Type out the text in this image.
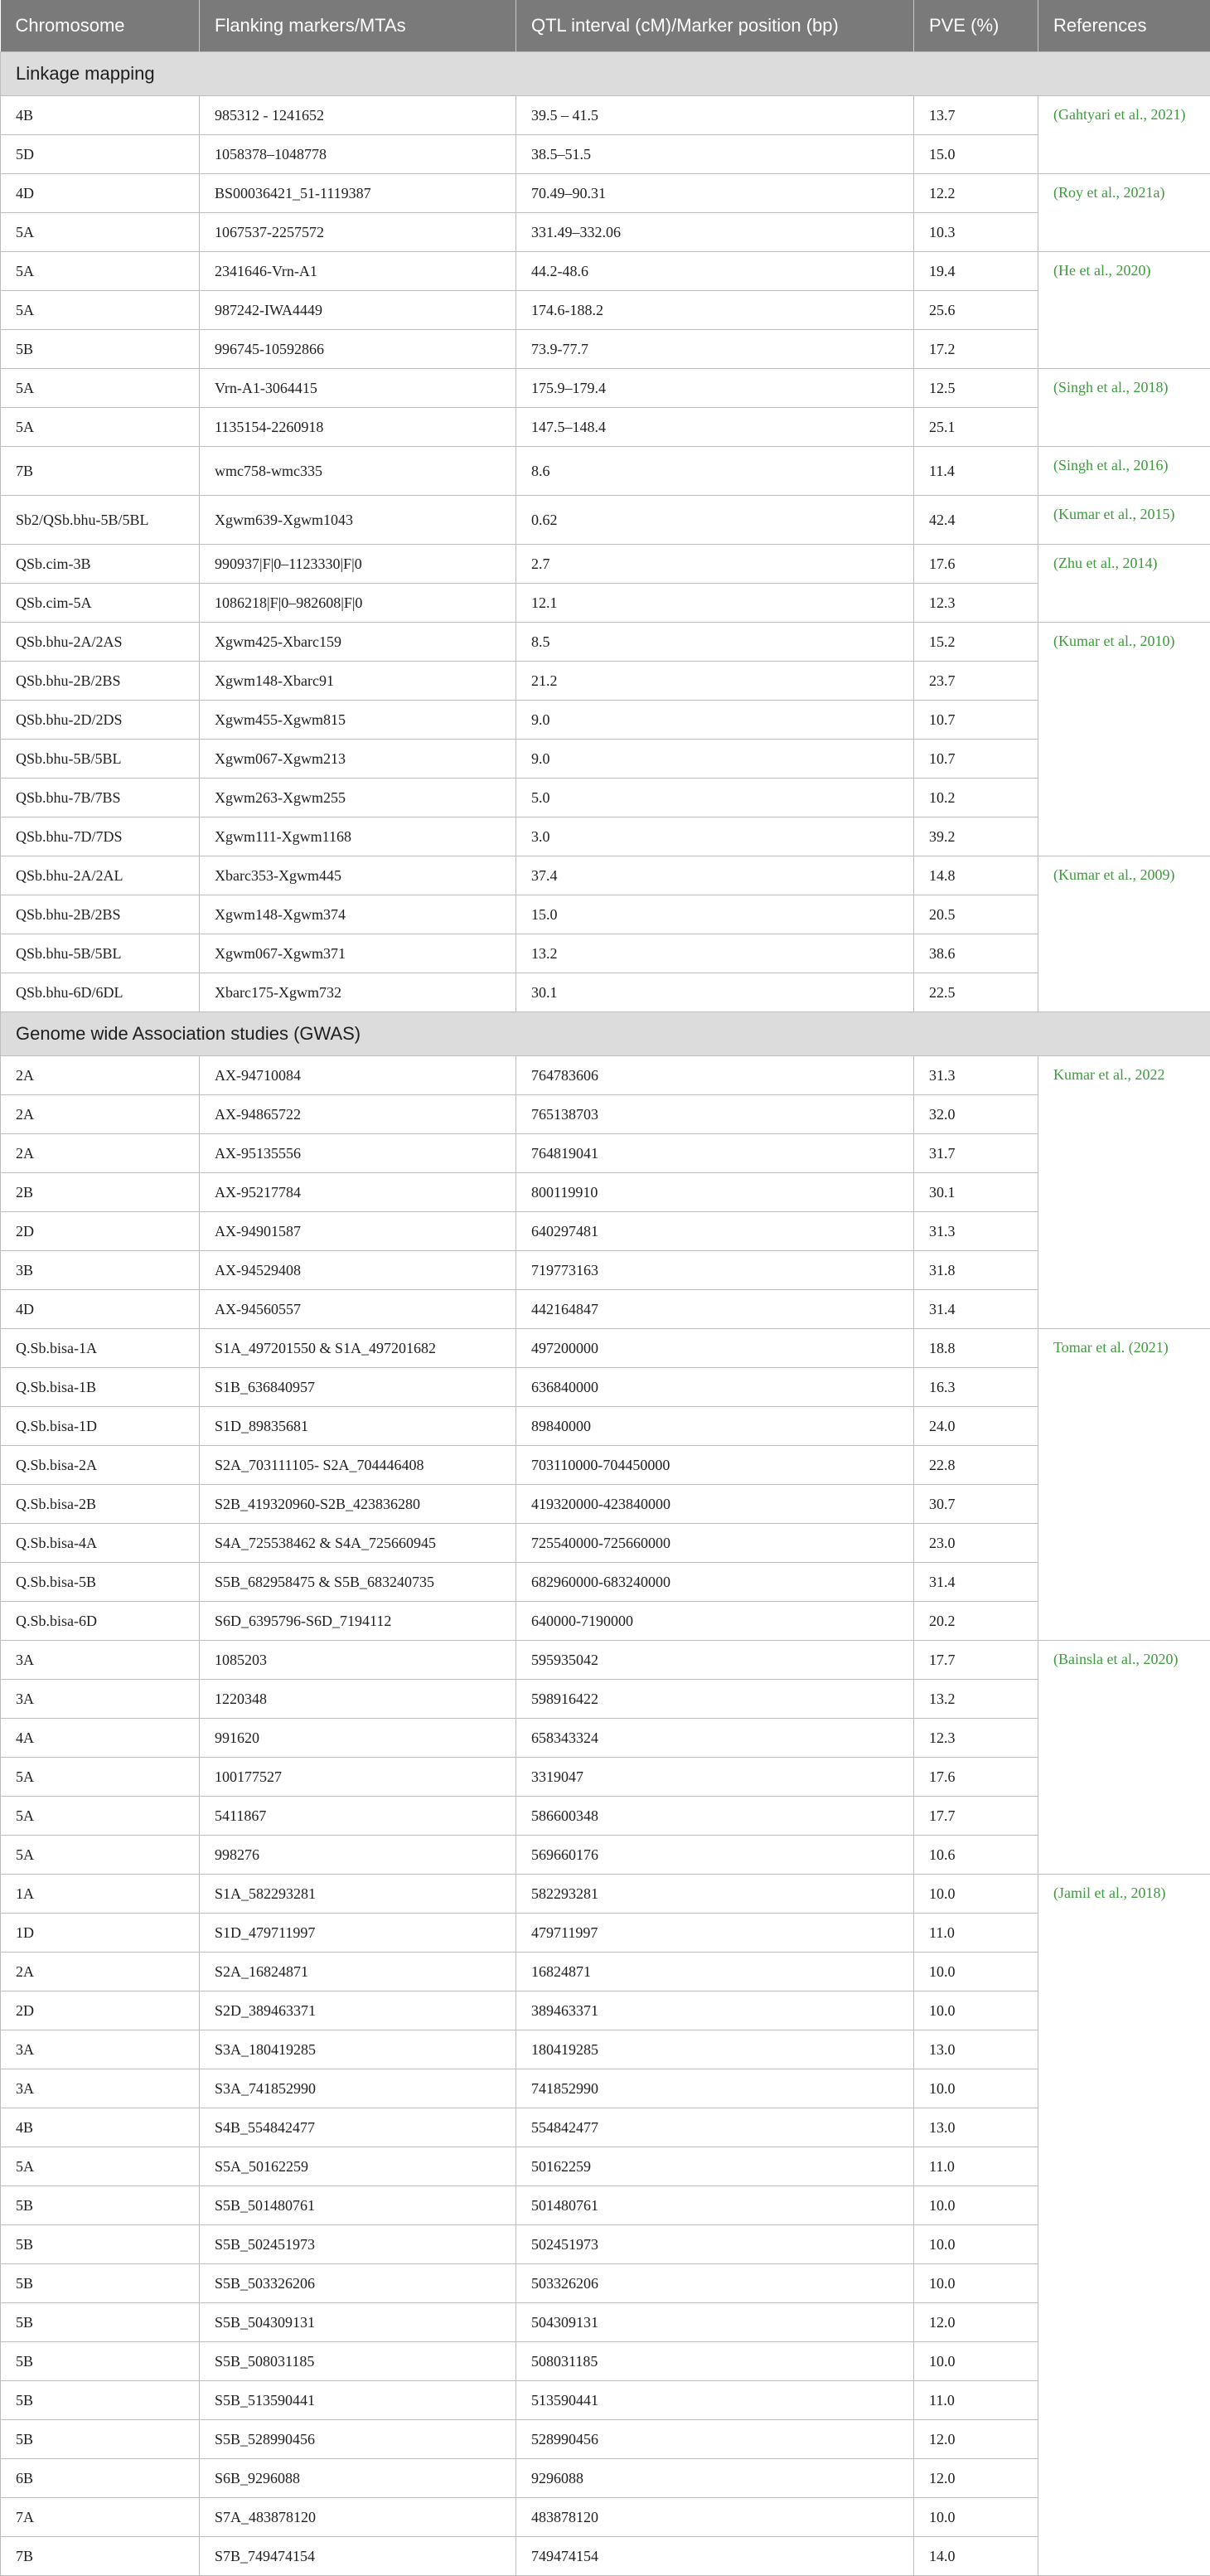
Chromosome	Flanking markers/MTAs	QTL interval (cM)/Marker position (bp)	PVE (%)	References
Linkage mapping				
4B	985312 - 1241652	39.5 – 41.5	13.7	(Gahtyari et al., 2021)
5D	1058378–1048778	38.5–51.5	15.0	
4D	BS00036421_51-1119387	70.49–90.31	12.2	(Roy et al., 2021a)
5A	1067537-2257572	331.49–332.06	10.3	
5A	2341646-Vrn-A1	44.2-48.6	19.4	(He et al., 2020)
5A	987242-IWA4449	174.6-188.2	25.6	
5B	996745-10592866	73.9-77.7	17.2	
5A	Vrn-A1-3064415	175.9–179.4	12.5	(Singh et al., 2018)
5A	1135154-2260918	147.5–148.4	25.1	
7B	wmc758-wmc335	8.6	11.4	(Singh et al., 2016)
Sb2/QSb.bhu-5B/5BL	Xgwm639-Xgwm1043	0.62	42.4	(Kumar et al., 2015)
QSb.cim-3B	990937|F|0–1123330|F|0	2.7	17.6	(Zhu et al., 2014)
QSb.cim-5A	1086218|F|0–982608|F|0	12.1	12.3	
QSb.bhu-2A/2AS	Xgwm425-Xbarc159	8.5	15.2	(Kumar et al., 2010)
QSb.bhu-2B/2BS	Xgwm148-Xbarc91	21.2	23.7	
QSb.bhu-2D/2DS	Xgwm455-Xgwm815	9.0	10.7	
QSb.bhu-5B/5BL	Xgwm067-Xgwm213	9.0	10.7	
QSb.bhu-7B/7BS	Xgwm263-Xgwm255	5.0	10.2	
QSb.bhu-7D/7DS	Xgwm111-Xgwm1168	3.0	39.2	
QSb.bhu-2A/2AL	Xbarc353-Xgwm445	37.4	14.8	(Kumar et al., 2009)
QSb.bhu-2B/2BS	Xgwm148-Xgwm374	15.0	20.5	
QSb.bhu-5B/5BL	Xgwm067-Xgwm371	13.2	38.6	
QSb.bhu-6D/6DL	Xbarc175-Xgwm732	30.1	22.5	
Genome wide Association studies (GWAS)				
2A	AX-94710084	764783606	31.3	Kumar et al., 2022
2A	AX-94865722	765138703	32.0	
2A	AX-95135556	764819041	31.7	
2B	AX-95217784	800119910	30.1	
2D	AX-94901587	640297481	31.3	
3B	AX-94529408	719773163	31.8	
4D	AX-94560557	442164847	31.4	
Q.Sb.bisa-1A	S1A_497201550 & S1A_497201682	497200000	18.8	Tomar et al. (2021)
Q.Sb.bisa-1B	S1B_636840957	636840000	16.3	
Q.Sb.bisa-1D	S1D_89835681	89840000	24.0	
Q.Sb.bisa-2A	S2A_703111105- S2A_704446408	703110000-704450000	22.8	
Q.Sb.bisa-2B	S2B_419320960-S2B_423836280	419320000-423840000	30.7	
Q.Sb.bisa-4A	S4A_725538462 & S4A_725660945	725540000-725660000	23.0	
Q.Sb.bisa-5B	S5B_682958475 & S5B_683240735	682960000-683240000	31.4	
Q.Sb.bisa-6D	S6D_6395796-S6D_7194112	640000-7190000	20.2	
3A	1085203	595935042	17.7	(Bainsla et al., 2020)
3A	1220348	598916422	13.2	
4A	991620	658343324	12.3	
5A	100177527	3319047	17.6	
5A	5411867	586600348	17.7	
5A	998276	569660176	10.6	
1A	S1A_582293281	582293281	10.0	(Jamil et al., 2018)
1D	S1D_479711997	479711997	11.0	
2A	S2A_16824871	16824871	10.0	
2D	S2D_389463371	389463371	10.0	
3A	S3A_180419285	180419285	13.0	
3A	S3A_741852990	741852990	10.0	
4B	S4B_554842477	554842477	13.0	
5A	S5A_50162259	50162259	11.0	
5B	S5B_501480761	501480761	10.0	
5B	S5B_502451973	502451973	10.0	
5B	S5B_503326206	503326206	10.0	
5B	S5B_504309131	504309131	12.0	
5B	S5B_508031185	508031185	10.0	
5B	S5B_513590441	513590441	11.0	
5B	S5B_528990456	528990456	12.0	
6B	S6B_9296088	9296088	12.0	
7A	S7A_483878120	483878120	10.0	
7B	S7B_749474154	749474154	14.0	
